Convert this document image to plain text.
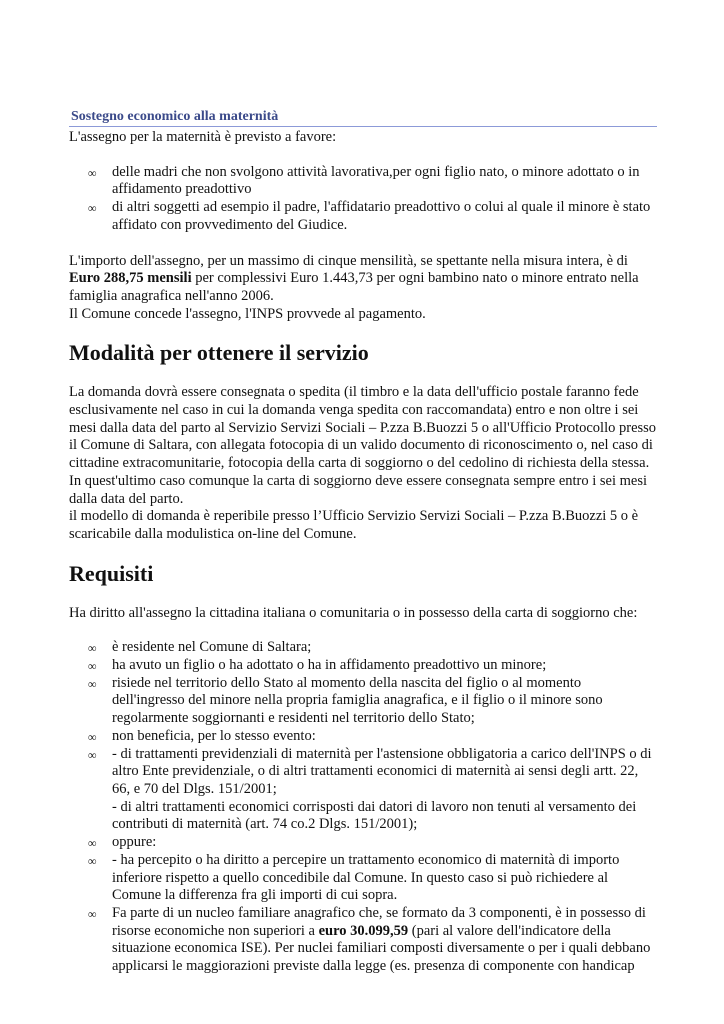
Sostegno economico alla maternità

L'assegno per la maternità è previsto a favore:

∞ delle madri che non svolgono attività lavorativa,per ogni figlio nato, o minore adottato o in affidamento preadottivo
∞ di altri soggetti ad esempio il padre, l'affidatario preadottivo o colui al quale il minore è stato affidato con provvedimento del Giudice.

L'importo dell'assegno, per un massimo di cinque mensilità, se spettante nella misura intera, è di Euro 288,75 mensili per complessivi Euro 1.443,73 per ogni bambino nato o minore entrato nella famiglia anagrafica nell'anno 2006.

Il Comune concede l'assegno, l'INPS provvede al pagamento.

Modalità per ottenere il servizio

La domanda dovrà essere consegnata o spedita (il timbro e la data dell'ufficio postale faranno fede esclusivamente nel caso in cui la domanda venga spedita con raccomandata) entro e non oltre i sei mesi dalla data del parto al Servizio Servizi Sociali – P.zza B.Buozzi 5 o all'Ufficio Protocollo presso il Comune di Saltara, con allegata fotocopia di un valido documento di riconoscimento o, nel caso di cittadine extracomunitarie, fotocopia della carta di soggiorno o del cedolino di richiesta della stessa. In quest'ultimo caso comunque la carta di soggiorno deve essere consegnata sempre entro i sei mesi dalla data del parto.

il modello di domanda è reperibile presso l’Ufficio Servizio Servizi Sociali – P.zza B.Buozzi 5 o è scaricabile dalla modulistica on-line del Comune.

Requisiti

Ha diritto all'assegno la cittadina italiana o comunitaria o in possesso della carta di soggiorno che:

∞ è residente nel Comune di Saltara;
∞ ha avuto un figlio o ha adottato o ha in affidamento preadottivo un minore;
∞ risiede nel territorio dello Stato al momento della nascita del figlio o al momento dell'ingresso del minore nella propria famiglia anagrafica, e il figlio o il minore sono regolarmente soggiornanti e residenti nel territorio dello Stato;
∞ non beneficia, per lo stesso evento:
∞ - di trattamenti previdenziali di maternità per l'astensione obbligatoria a carico dell'INPS o di altro Ente previdenziale, o di altri trattamenti economici di maternità ai sensi degli artt. 22, 66, e 70 del Dlgs. 151/2001;
- di altri trattamenti economici corrisposti dai datori di lavoro non tenuti al versamento dei contributi di maternità (art. 74 co.2 Dlgs. 151/2001);
∞ oppure:
∞ - ha percepito o ha diritto a percepire un trattamento economico di maternità di importo inferiore rispetto a quello concedibile dal Comune. In questo caso si può richiedere al Comune la differenza fra gli importi di cui sopra.
∞ Fa parte di un nucleo familiare anagrafico che, se formato da 3 componenti, è in possesso di risorse economiche non superiori a euro 30.099,59 (pari al valore dell'indicatore della situazione economica ISE). Per nuclei familiari composti diversamente o per i quali debbano applicarsi le maggiorazioni previste dalla legge (es. presenza di componente con handicap
